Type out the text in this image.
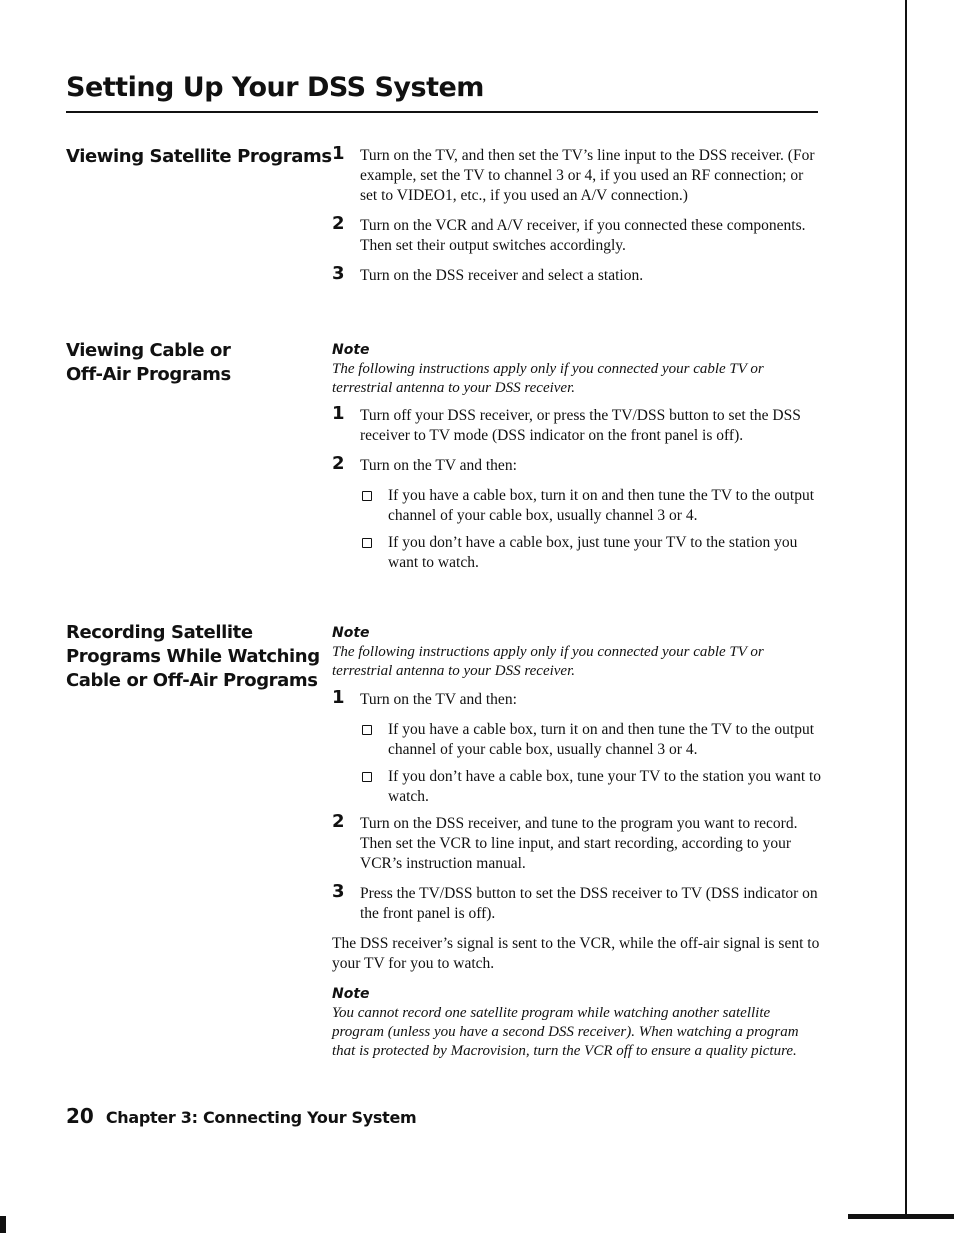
Setting Up Your DSS System
Viewing Satellite Programs 1 Turn on the TV, and then set the TV’s line input to the DSS receiver. (For example, set the TV to channel 3 or 4, if you used an RF connection; or set to VIDEO1, etc., if you used an A/V connection.)
2 Turn on the VCR and A/V receiver, if you connected these components. Then set their output switches accordingly.
3 Turn on the DSS receiver and select a station.
Viewing Cable or
Off-Air Programs
Note
The following instructions apply only if you connected your cable TV or terrestrial antenna to your DSS receiver.
1 Turn off your DSS receiver, or press the TV/DSS button to set the DSS receiver to TV mode (DSS indicator on the front panel is off).
2 Turn on the TV and then:
If you have a cable box, turn it on and then tune the TV to the output channel of your cable box, usually channel 3 or 4.
If you don’t have a cable box, just tune your TV to the station you want to watch.
Recording Satellite
Programs While Watching
Cable or Off-Air Programs
Note
The following instructions apply only if you connected your cable TV or terrestrial antenna to your DSS receiver.
1 Turn on the TV and then:
If you have a cable box, turn it on and then tune the TV to the output channel of your cable box, usually channel 3 or 4.
If you don’t have a cable box, tune your TV to the station you want to watch.
2 Turn on the DSS receiver, and tune to the program you want to record. Then set the VCR to line input, and start recording, according to your VCR’s instruction manual.
3 Press the TV/DSS button to set the DSS receiver to TV (DSS indicator on the front panel is off).
The DSS receiver’s signal is sent to the VCR, while the off-air signal is sent to your TV for you to watch.
Note
You cannot record one satellite program while watching another satellite program (unless you have a second DSS receiver). When watching a program that is protected by Macrovision, turn the VCR off to ensure a quality picture.
20 Chapter 3: Connecting Your System
